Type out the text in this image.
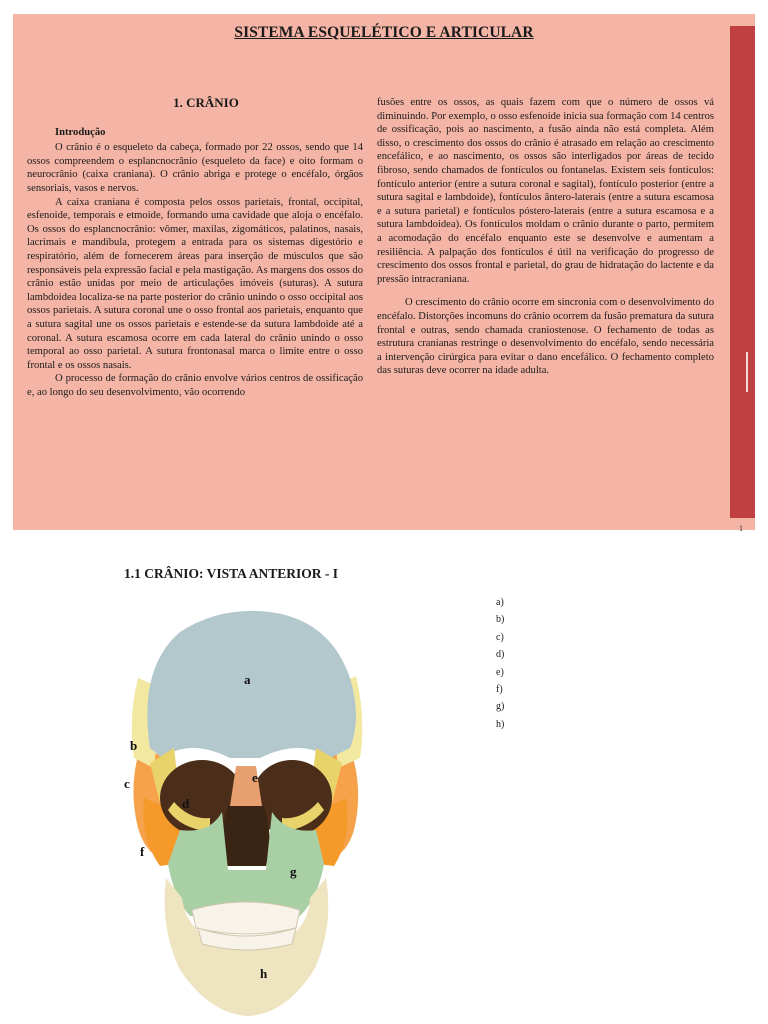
SISTEMA ESQUELÉTICO E ARTICULAR
1. CRÂNIO
Introdução

O crânio é o esqueleto da cabeça, formado por 22 ossos, sendo que 14 ossos compreendem o esplancnocrânio (esqueleto da face) e oito formam o neurocrânio (caixa craniana). O crânio abriga e protege o encéfalo, órgãos sensoriais, vasos e nervos.

A caixa craniana é composta pelos ossos parietais, frontal, occipital, esfenoide, temporais e etmoide, formando uma cavidade que aloja o encéfalo. Os ossos do esplancnocrânio: vômer, maxilas, zigomáticos, palatinos, nasais, lacrimais e mandíbula, protegem a entrada para os sistemas digestório e respiratório, além de fornecerem áreas para inserção de músculos que são responsáveis pela expressão facial e pela mastigação. As margens dos ossos do crânio estão unidas por meio de articulações imóveis (suturas). A sutura lambdoidea localiza-se na parte posterior do crânio unindo o osso occipital aos ossos parietais. A sutura coronal une o osso frontal aos parietais, enquanto que a sutura sagital une os ossos parietais e estende-se da sutura lambdoide até a coronal. A sutura escamosa ocorre em cada lateral do crânio unindo o osso temporal ao osso parietal. A sutura frontonasal marca o limite entre o osso frontal e os ossos nasais.

O processo de formação do crânio envolve vários centros de ossificação e, ao longo do seu desenvolvimento, vão ocorrendo

fusões entre os ossos, as quais fazem com que o número de ossos vá diminuindo. Por exemplo, o osso esfenoide inicia sua formação com 14 centros de ossificação, pois ao nascimento, a fusão ainda não está completa. Além disso, o crescimento dos ossos do crânio é atrasado em relação ao crescimento encefálico, e ao nascimento, os ossos são interligados por áreas de tecido fibroso, sendo chamados de fontículos ou fontanelas. Existem seis fontículos: fontículo anterior (entre a sutura coronal e sagital), fontículo posterior (entre a sutura sagital e lambdoide), fontículos ântero-laterais (entre a sutura escamosa e a sutura parietal) e fontículos póstero-laterais (entre a sutura escamosa e a sutura lambdoidea). Os fontículos moldam o crânio durante o parto, permitem a acomodação do encéfalo enquanto este se desenvolve e aumentam a resiliência. A palpação dos fontículos é útil na verificação do progresso de crescimento dos ossos frontal e parietal, do grau de hidratação do lactente e da pressão intracraniana.

O crescimento do crânio ocorre em sincronia com o desenvolvimento do encéfalo. Distorções incomuns do crânio ocorrem da fusão prematura da sutura frontal e outras, sendo chamada craniostenose. O fechamento de todas as estrutura cranianas restringe o desenvolvimento do encéfalo, sendo necessária a intervenção cirúrgica para evitar o dano encefálico. O fechamento completo das suturas deve ocorrer na idade adulta.

1
1.1 CRÂNIO: VISTA ANTERIOR - I
a
b
c
d
e
f
g
h
a)
b)
c)
d)
e)
f)
g)
h)
